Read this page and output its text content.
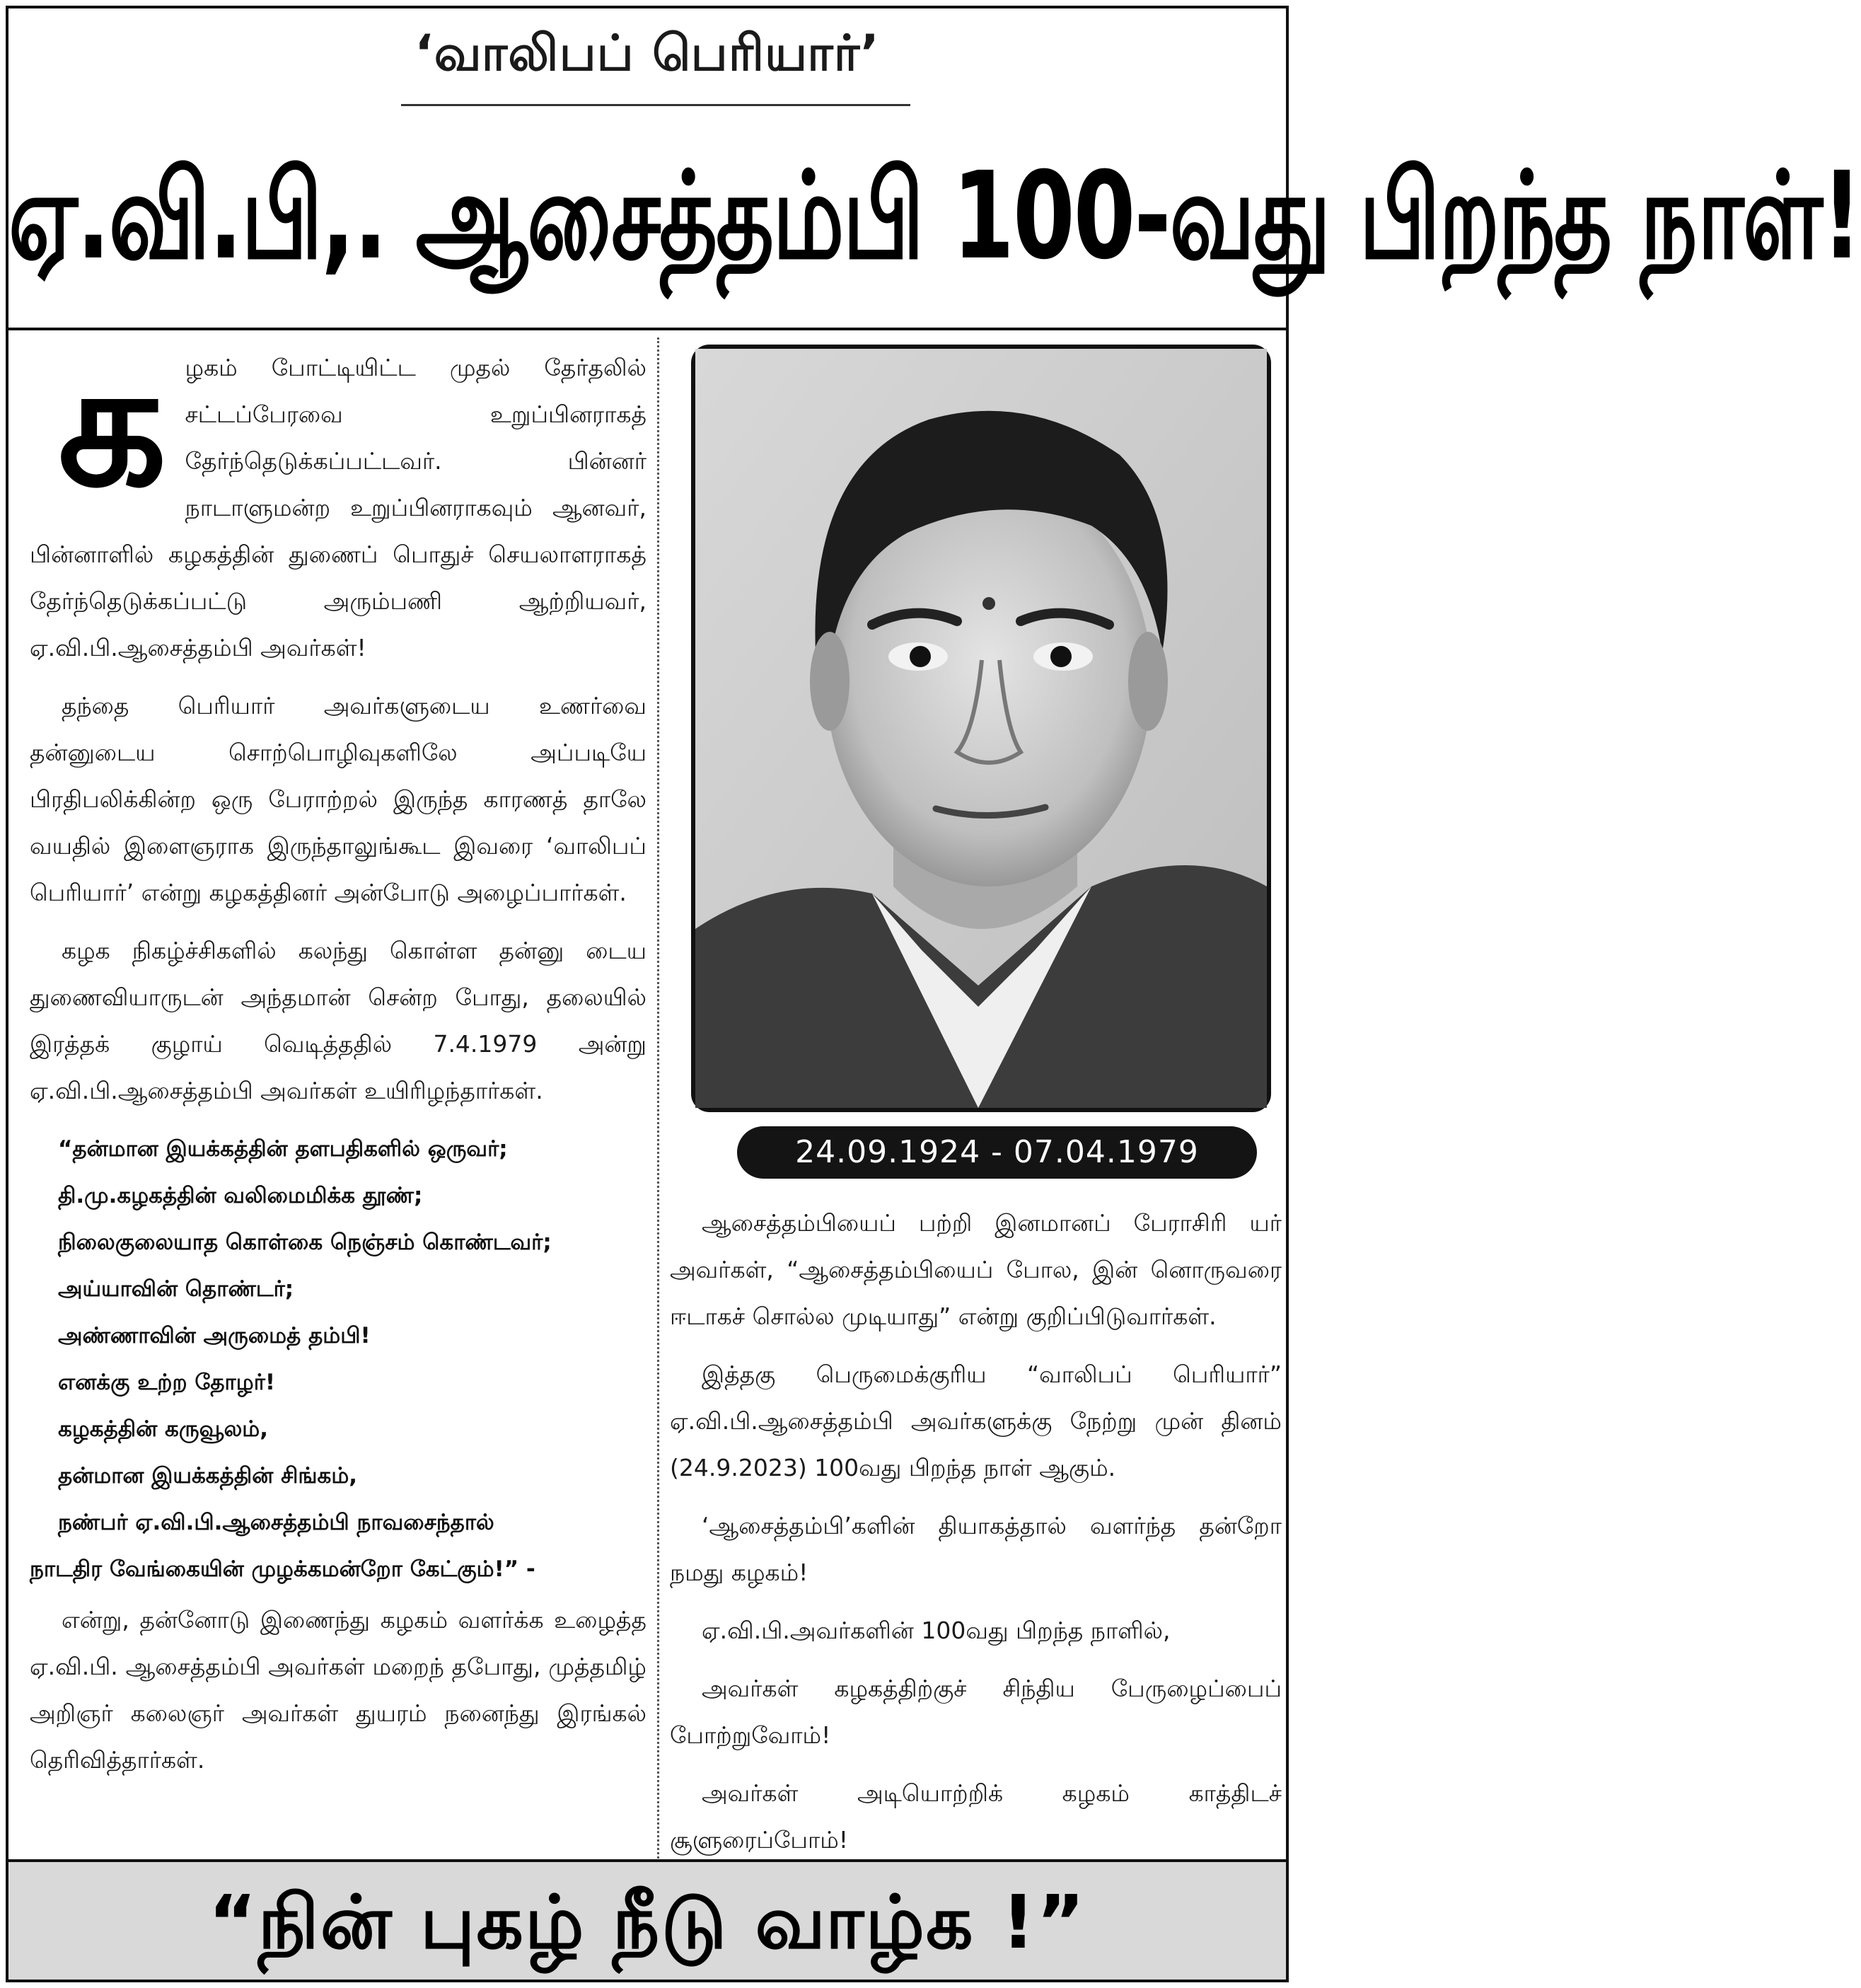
‘வாலிபப் பெரியார்’
ஏ.வி.பி,. ஆசைத்தம்பி 100-வது பிறந்த நாள்!

க ழகம் போட்டியிட்ட முதல் தேர்தலில் சட்டப்பேரவை உறுப்பினராகத் தேர்ந்தெடுக்கப்பட்டவர். பின்னர் நாடாளுமன்ற உறுப்பினராகவும் ஆனவர், பின்னாளில் கழகத்தின் துணைப் பொதுச் செயலாளராகத் தேர்ந்தெடுக்கப்பட்டு அரும்பணி ஆற்றியவர், ஏ.வி.பி.ஆசைத்தம்பி அவர்கள்!

தந்தை பெரியார் அவர்களுடைய உணர்வை தன்னுடைய சொற்பொழிவுகளிலே அப்படியே பிரதிபலிக்கின்ற ஒரு பேராற்றல் இருந்த காரணத் தாலே வயதில் இளைஞராக இருந்தாலுங்கூட இவரை ‘வாலிபப் பெரியார்’ என்று கழகத்தினர் அன்போடு அழைப்பார்கள்.

கழக நிகழ்ச்சிகளில் கலந்து கொள்ள தன்னு டைய துணைவியாருடன் அந்தமான் சென்ற போது, தலையில் இரத்தக் குழாய் வெடித்ததில் 7.4.1979 அன்று ஏ.வி.பி.ஆசைத்தம்பி அவர்கள் உயிரிழந்தார்கள்.

“தன்மான இயக்கத்தின் தளபதிகளில் ஒருவர்;
தி.மு.கழகத்தின் வலிமைமிக்க தூண்;
நிலைகுலையாத கொள்கை நெஞ்சம் கொண்டவர்;
அய்யாவின் தொண்டர்;
அண்ணாவின் அருமைத் தம்பி!
எனக்கு உற்ற தோழர்!
கழகத்தின் கருவூலம்,
தன்மான இயக்கத்தின் சிங்கம்,
நண்பர் ஏ.வி.பி.ஆசைத்தம்பி நாவசைந்தால்
நாடதிர வேங்கையின் முழக்கமன்றோ கேட்கும்!” -

என்று, தன்னோடு இணைந்து கழகம் வளர்க்க உழைத்த ஏ.வி.பி. ஆசைத்தம்பி அவர்கள் மறைந் தபோது, முத்தமிழ் அறிஞர் கலைஞர் அவர்கள் துயரம் நனைந்து இரங்கல் தெரிவித்தார்கள்.

24.09.1924 - 07.04.1979

ஆசைத்தம்பியைப் பற்றி இனமானப் பேராசிரி யர் அவர்கள், “ஆசைத்தம்பியைப் போல, இன் னொருவரை ஈடாகச் சொல்ல முடியாது” என்று குறிப்பிடுவார்கள்.

இத்தகு பெருமைக்குரிய “வாலிபப் பெரியார்” ஏ.வி.பி.ஆசைத்தம்பி அவர்களுக்கு நேற்று முன் தினம் (24.9.2023) 100வது பிறந்த நாள் ஆகும்.

‘ஆசைத்தம்பி’களின் தியாகத்தால் வளர்ந்த தன்றோ நமது கழகம்!

ஏ.வி.பி.அவர்களின் 100வது பிறந்த நாளில்,

அவர்கள் கழகத்திற்குச் சிந்திய பேருழைப்பைப் போற்றுவோம்!

அவர்கள் அடியொற்றிக் கழகம் காத்திடச் சூளுரைப்போம்!

“நின் புகழ் நீடு வாழ்க !”
